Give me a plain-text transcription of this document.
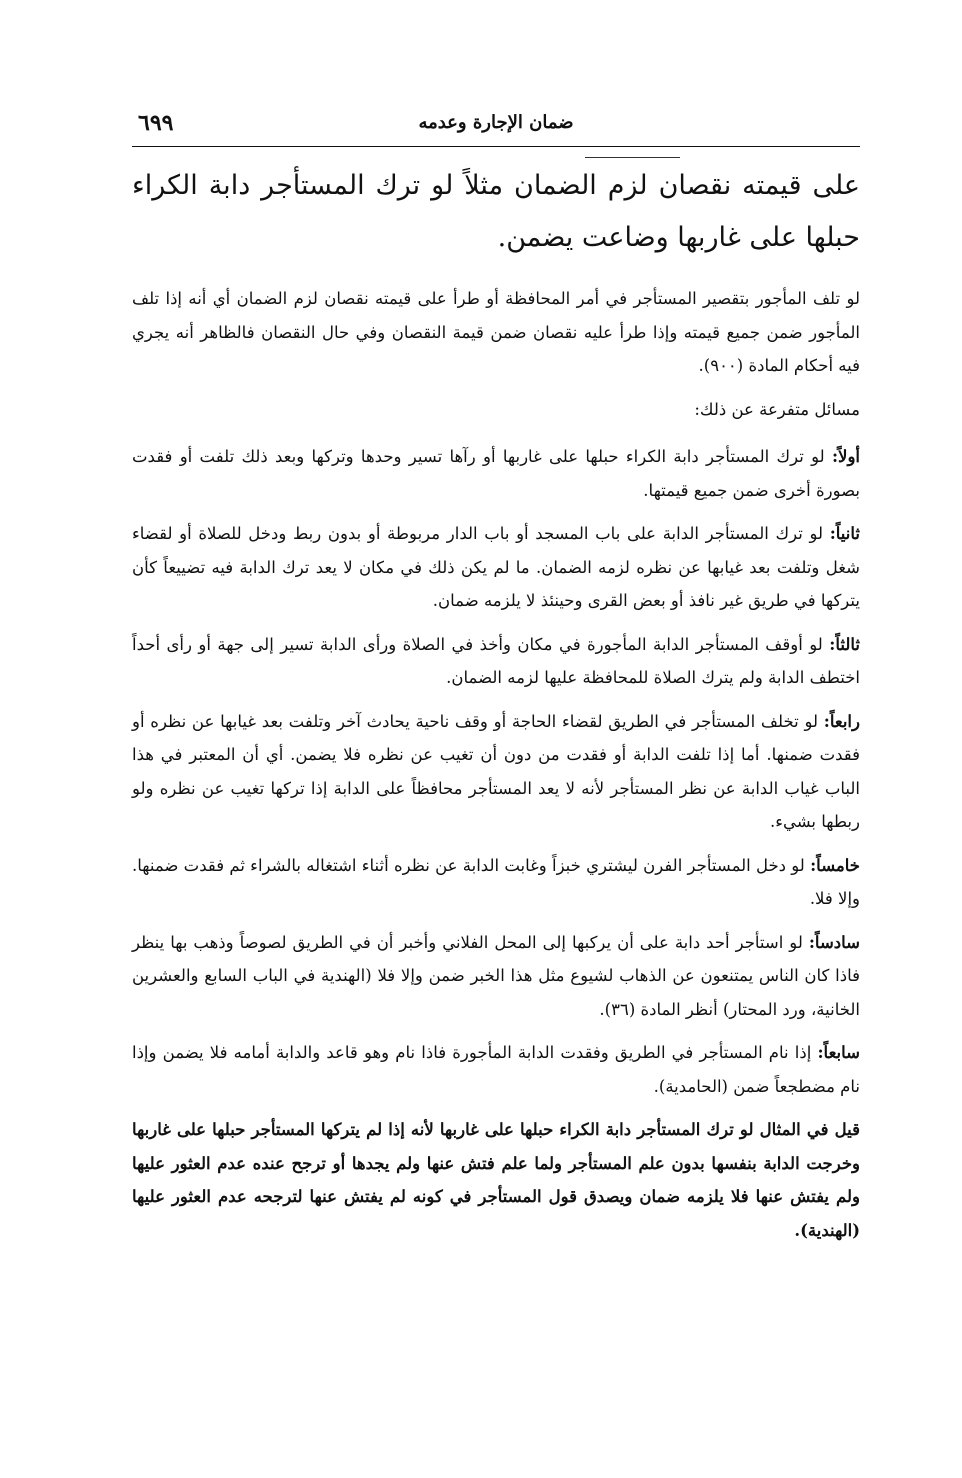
٦٩٩	ضمان الإجارة وعدمه

على قيمته نقصان لزم الضمان مثلاً لو ترك المستأجر دابة الكراء حبلها على غاربها وضاعت يضمن.

لو تلف المأجور بتقصير المستأجر في أمر المحافظة أو طرأ على قيمته نقصان لزم الضمان أي أنه إذا تلف المأجور ضمن جميع قيمته وإذا طرأ عليه نقصان ضمن قيمة النقصان وفي حال النقصان فالظاهر أنه يجري فيه أحكام المادة (٩٠٠).

مسائل متفرعة عن ذلك:

أولاً: لو ترك المستأجر دابة الكراء حبلها على غاربها أو رآها تسير وحدها وتركها وبعد ذلك تلفت أو فقدت بصورة أخرى ضمن جميع قيمتها.

ثانياً: لو ترك المستأجر الدابة على باب المسجد أو باب الدار مربوطة أو بدون ربط ودخل للصلاة أو لقضاء شغل وتلفت بعد غيابها عن نظره لزمه الضمان. ما لم يكن ذلك في مكان لا يعد ترك الدابة فيه تضييعاً كأن يتركها في طريق غير نافذ أو بعض القرى وحينئذ لا يلزمه ضمان.

ثالثاً: لو أوقف المستأجر الدابة المأجورة في مكان وأخذ في الصلاة ورأى الدابة تسير إلى جهة أو رأى أحداً اختطف الدابة ولم يترك الصلاة للمحافظة عليها لزمه الضمان.

رابعاً: لو تخلف المستأجر في الطريق لقضاء الحاجة أو وقف ناحية يحادث آخر وتلفت بعد غيابها عن نظره أو فقدت ضمنها. أما إذا تلفت الدابة أو فقدت من دون أن تغيب عن نظره فلا يضمن. أي أن المعتبر في هذا الباب غياب الدابة عن نظر المستأجر لأنه لا يعد المستأجر محافظاً على الدابة إذا تركها تغيب عن نظره ولو ربطها بشيء.

خامساً: لو دخل المستأجر الفرن ليشتري خبزاً وغابت الدابة عن نظره أثناء اشتغاله بالشراء ثم فقدت ضمنها. وإلا فلا.

سادساً: لو استأجر أحد دابة على أن يركبها إلى المحل الفلاني وأخبر أن في الطريق لصوصاً وذهب بها ينظر فاذا كان الناس يمتنعون عن الذهاب لشيوع مثل هذا الخبر ضمن وإلا فلا (الهندية في الباب السابع والعشرين الخانية، ورد المحتار) أنظر المادة (٣٦).

سابعاً: إذا نام المستأجر في الطريق وفقدت الدابة المأجورة فاذا نام وهو قاعد والدابة أمامه فلا يضمن وإذا نام مضطجعاً ضمن (الحامدية).

قيل في المثال لو ترك المستأجر دابة الكراء حبلها على غاربها لأنه إذا لم يتركها المستأجر حبلها على غاربها وخرجت الدابة بنفسها بدون علم المستأجر ولما علم فتش عنها ولم يجدها أو ترجح عنده عدم العثور عليها ولم يفتش عنها فلا يلزمه ضمان ويصدق قول المستأجر في كونه لم يفتش عنها لترجحه عدم العثور عليها (الهندية).
